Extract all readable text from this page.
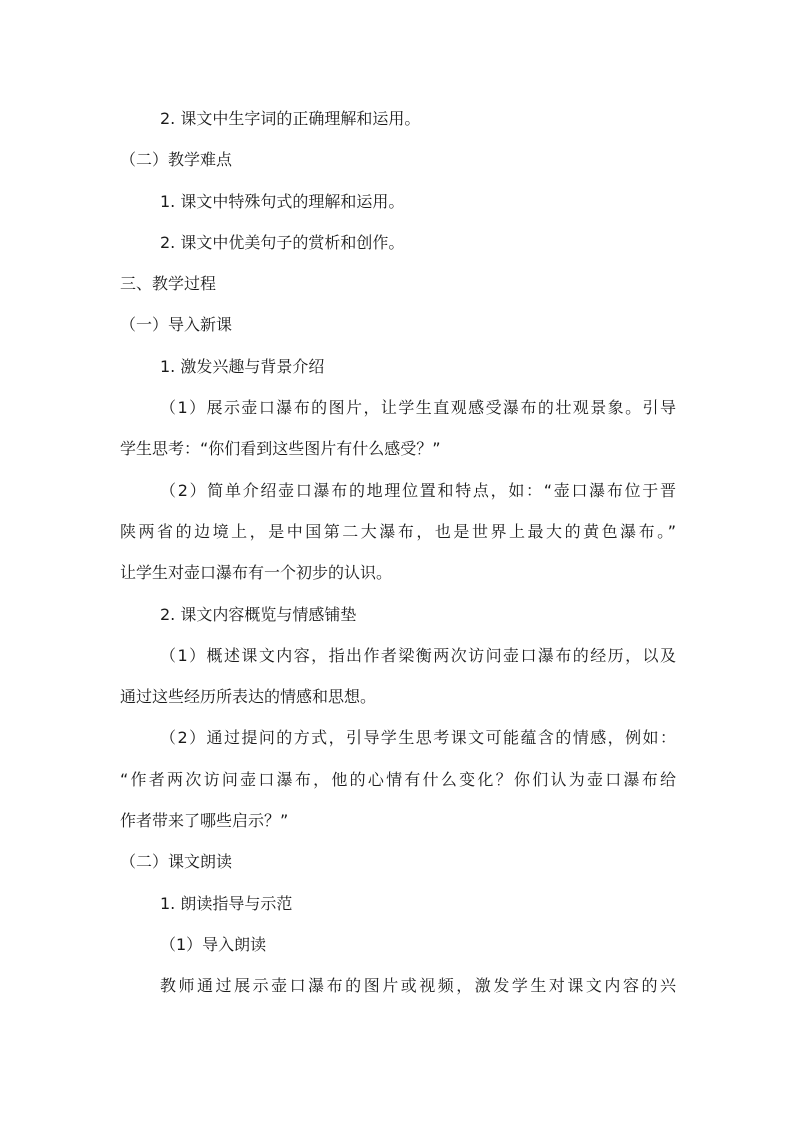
2. 课文中生字词的正确理解和运用。
（二）教学难点
1. 课文中特殊句式的理解和运用。
2. 课文中优美句子的赏析和创作。
三、教学过程
（一）导入新课
1. 激发兴趣与背景介绍
（1）展示壶口瀑布的图片，让学生直观感受瀑布的壮观景象。引导
学生思考：“你们看到这些图片有什么感受？”
（2）简单介绍壶口瀑布的地理位置和特点，如：“壶口瀑布位于晋
陕两省的边境上，是中国第二大瀑布，也是世界上最大的黄色瀑布。”
让学生对壶口瀑布有一个初步的认识。
2. 课文内容概览与情感铺垫
（1）概述课文内容，指出作者梁衡两次访问壶口瀑布的经历，以及
通过这些经历所表达的情感和思想。
（2）通过提问的方式，引导学生思考课文可能蕴含的情感，例如：
“作者两次访问壶口瀑布，他的心情有什么变化？你们认为壶口瀑布给
作者带来了哪些启示？”
（二）课文朗读
1. 朗读指导与示范
（1）导入朗读
教师通过展示壶口瀑布的图片或视频，激发学生对课文内容的兴
